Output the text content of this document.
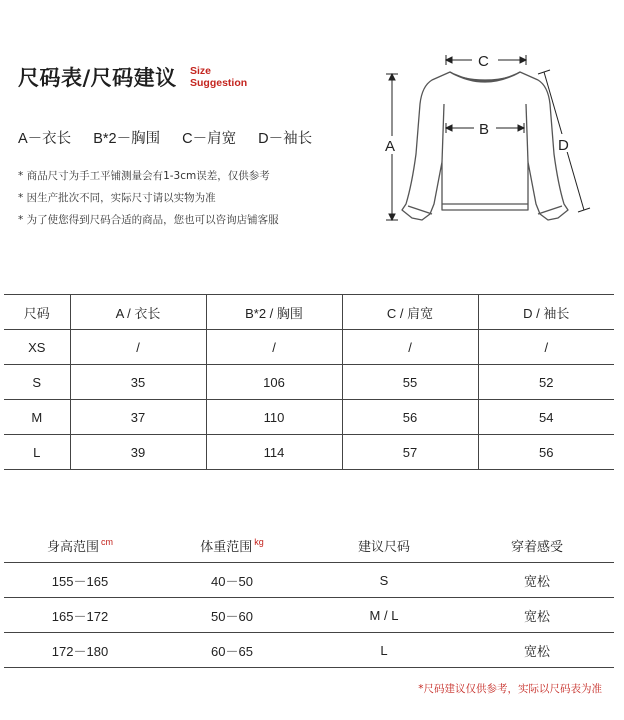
尺码表/尺码建议 Size
Suggestion
A－衣长 B*2－胸围 C－肩宽 D－袖长
* 商品尺寸为手工平铺测量会有1-3cm误差，仅供参考
* 因生产批次不同，实际尺寸请以实物为准
* 为了使您得到尺码合适的商品，您也可以咨询店铺客服
C
B
A	D
尺码	A / 衣长	B*2 / 胸围	C / 肩宽	D / 袖长
XS	/	/	/	/
S	35	106	55	52
M	37	110	56	54
L	39	114	57	56
身高范围 $^{cm}$	体重范围 $^{kg}$	建议尺码	穿着感受
155－165	40－50	S	宽松
165－172	50－60	M / L	宽松
172－180	60－65	L	宽松
*尺码建议仅供参考，实际以尺码表为准
